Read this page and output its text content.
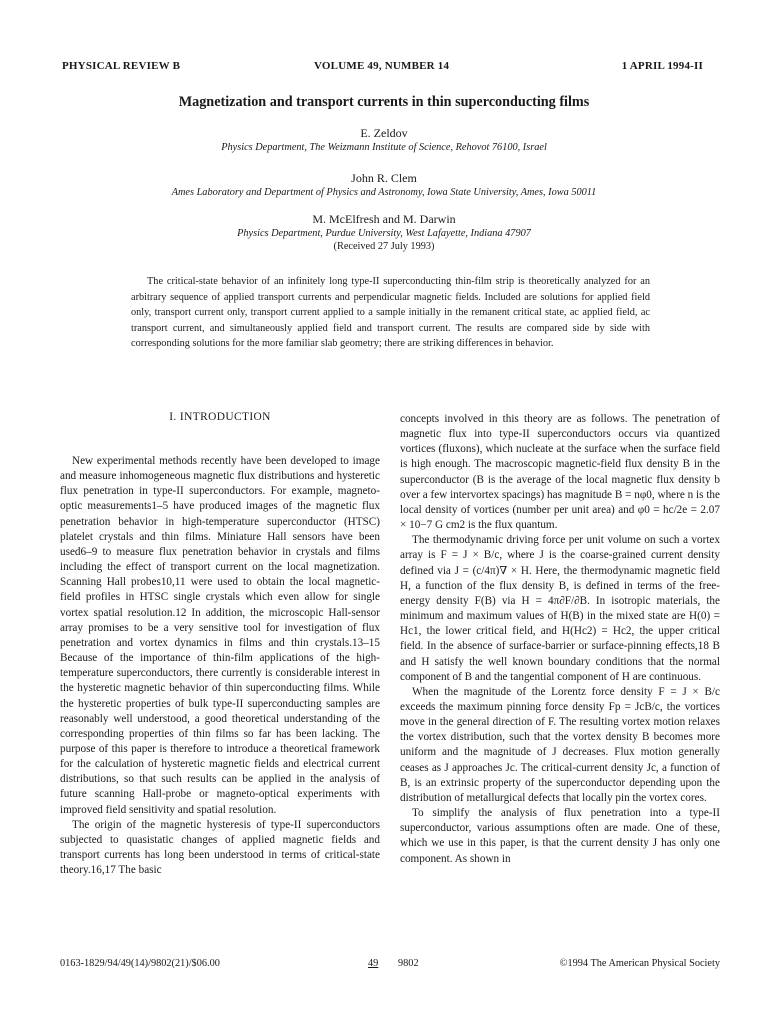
PHYSICAL REVIEW B	VOLUME 49, NUMBER 14	1 APRIL 1994-II
Magnetization and transport currents in thin superconducting films
E. Zeldov
Physics Department, The Weizmann Institute of Science, Rehovot 76100, Israel
John R. Clem
Ames Laboratory and Department of Physics and Astronomy, Iowa State University, Ames, Iowa 50011
M. McElfresh and M. Darwin
Physics Department, Purdue University, West Lafayette, Indiana 47907
(Received 27 July 1993)
The critical-state behavior of an infinitely long type-II superconducting thin-film strip is theoretically analyzed for an arbitrary sequence of applied transport currents and perpendicular magnetic fields. Included are solutions for applied field only, transport current only, transport current applied to a sample initially in the remanent critical state, ac applied field, ac transport current, and simultaneously applied field and transport current. The results are compared side by side with corresponding solutions for the more familiar slab geometry; there are striking differences in behavior.
I. INTRODUCTION

New experimental methods recently have been developed to image and measure inhomogeneous magnetic flux distributions and hysteretic flux penetration in type-II superconductors. For example, magneto-optic measurements1–5 have produced images of the magnetic flux penetration behavior in high-temperature superconductor (HTSC) platelet crystals and thin films. Miniature Hall sensors have been used6–9 to measure flux penetration behavior in crystals and films including the effect of transport current on the local magnetization. Scanning Hall probes10,11 were used to obtain the local magnetic-field profiles in HTSC single crystals which even allow for single vortex spatial resolution.12 In addition, the microscopic Hall-sensor array promises to be a very sensitive tool for investigation of flux penetration and vortex dynamics in films and thin crystals.13–15 Because of the importance of thin-film applications of the high-temperature superconductors, there currently is considerable interest in the hysteretic magnetic behavior of thin superconducting films. While the hysteretic properties of bulk type-II superconducting samples are reasonably well understood, a good theoretical understanding of the corresponding properties of thin films so far has been lacking. The purpose of this paper is therefore to introduce a theoretical framework for the calculation of hysteretic magnetic fields and electrical current distributions, so that such results can be applied in the analysis of future scanning Hall-probe or magneto-optical experiments with improved field sensitivity and spatial resolution.

The origin of the magnetic hysteresis of type-II superconductors subjected to quasistatic changes of applied magnetic fields and transport currents has long been understood in terms of critical-state theory.16,17 The basic

concepts involved in this theory are as follows. The penetration of magnetic flux into type-II superconductors occurs via quantized vortices (fluxons), which nucleate at the surface when the surface field is high enough. The macroscopic magnetic-field flux density B in the superconductor (B is the average of the local magnetic flux density b over a few intervortex spacings) has magnitude B = nφ0, where n is the local density of vortices (number per unit area) and φ0 = hc/2e = 2.07 × 10−7 G cm2 is the flux quantum.

The thermodynamic driving force per unit volume on such a vortex array is F = J × B/c, where J is the coarse-grained current density defined via J = (c/4π)∇ × H. Here, the thermodynamic magnetic field H, a function of the flux density B, is defined in terms of the free-energy density F(B) via H = 4π∂F/∂B. In isotropic materials, the minimum and maximum values of H(B) in the mixed state are H(0) = Hc1, the lower critical field, and H(Hc2) = Hc2, the upper critical field. In the absence of surface-barrier or surface-pinning effects,18 B and H satisfy the well known boundary conditions that the normal component of B and the tangential component of H are continuous.

When the magnitude of the Lorentz force density F = J × B/c exceeds the maximum pinning force density Fp = JcB/c, the vortices move in the general direction of F. The resulting vortex motion relaxes the vortex distribution, such that the vortex density B becomes more uniform and the magnitude of J decreases. Flux motion generally ceases as J approaches Jc. The critical-current density Jc, a function of B, is an extrinsic property of the superconductor depending upon the distribution of metallurgical defects that locally pin the vortex cores.

To simplify the analysis of flux penetration into a type-II superconductor, various assumptions often are made. One of these, which we use in this paper, is that the current density J has only one component. As shown in

0163-1829/94/49(14)/9802(21)/$06.00	49 9802	©1994 The American Physical Society
